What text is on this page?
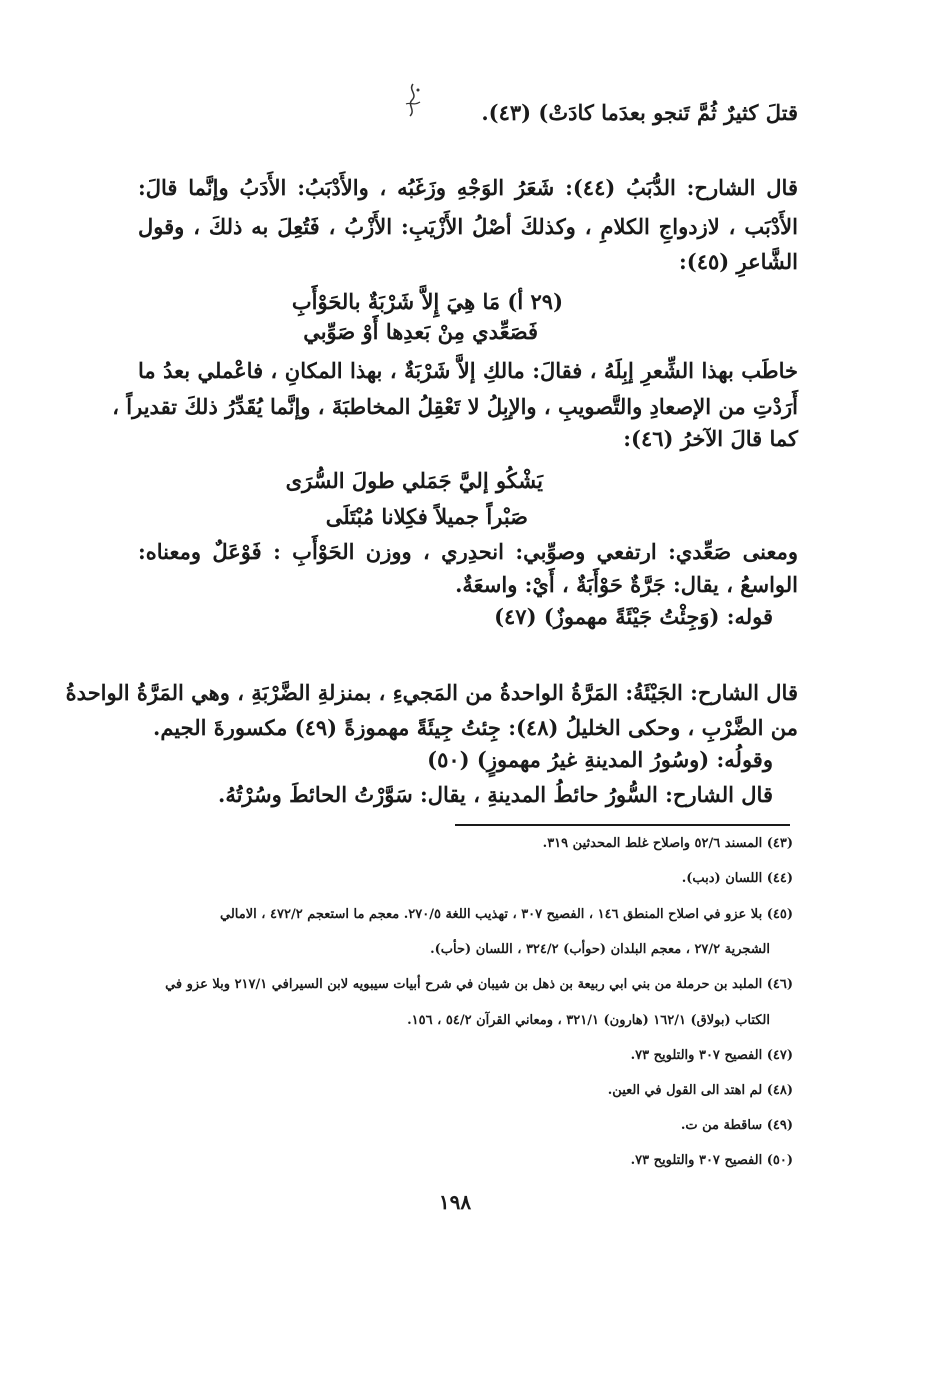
قتلَ كثيرٌ ثُمَّ تَنجو بعدَما كادَتْ) (٤٣).
قال الشارح: الدُّبَبُ (٤٤): شَعَرُ الوَجْهِ وزَغَبُه ، والأَدْبَبُ: الأَدَبُ وإنَّما قالَ:
الأَدْبَب ، لازدواجِ الكلامِ ، وكذلكَ أصْلُ الأَزْيَبِ: الأَزْبُ ، فَتُعِلَ به ذلكَ ، وقول
الشَّاعرِ (٤٥):
(٢٩ أ) مَا هِيَ إِلاَّ شَرْبَةٌ بالحَوْأَبِ
فَصَعِّدي مِنْ بَعدِها أَوْ صَوِّبي
خاطَب بهذا الشِّعرِ إبِلَهُ ، فقالَ: مالكِ إلاَّ شَرْبَةٌ ، بهذا المكانِ ، فاعْملي بعدُ ما
أَرَدْتِ من الإصعادِ والتَّصويبِ ، والإبِلُ لا تَعْقِلُ المخاطبَةَ ، وإنَّما يُقَدِّرُ ذلكَ تقديراً ،
كما قالَ الآخرُ (٤٦):
يَشْكُو إليَّ جَمَلي طولَ السُّرَى
صَبْراً جميلاً فكِلانا مُبْتَلَى
ومعنى صَعِّدي: ارتفعي وصوِّبي: انحدِري ، ووزن الحَوْأَبِ : فَوْعَلٌ ومعناه:
الواسعُ ، يقال: جَرَّةٌ حَوْأَبَةٌ ، أَيْ: واسعَةٌ.
قوله: (وَجِئْتُ جَيْئَةً مهموزٌ) (٤٧)
قال الشارح: الجَيْئَةُ: المَرَّةُ الواحدةُ من المَجيءِ ، بمنزلةِ الضَّرْبَةِ ، وهي المَرَّةُ الواحدةُ
من الضَّرْبِ ، وحكى الخليلُ (٤٨): جِئتُ جِيئَةً مهموزةً (٤٩) مكسورةَ الجيم.
وقولُه: (وسُورُ المدينةِ غيرُ مهموزٍ) (٥٠)
قال الشارح: السُّورُ حائطُ المدينةِ ، يقال: سَوَّرْتُ الحائطَ وسُرْتُهُ.
(٤٣) المسند ٥٢/٦ واصلاح غلط المحدثين ٣١٩.
(٤٤) اللسان (دبب).
(٤٥) بلا عزو في اصلاح المنطق ١٤٦ ، الفصيح ٣٠٧ ، تهذيب اللغة ٢٧٠/٥. معجم ما استعجم ٤٧٢/٢ ، الامالي
الشجرية ٢٧/٢ ، معجم البلدان (حوأب) ٣٢٤/٢ ، اللسان (حأب).
(٤٦) الملبد بن حرملة من بني ابي ربيعة بن ذهل بن شيبان في شرح أبيات سيبويه لابن السيرافي ٢١٧/١ وبلا عزو في
الكتاب (بولاق) ١٦٢/١ (هارون) ٣٢١/١ ، ومعاني القرآن ٥٤/٢ ، ١٥٦.
(٤٧) الفصيح ٣٠٧ والتلويح ٧٣.
(٤٨) لم اهتد الى القول في العين.
(٤٩) ساقطة من ت.
(٥٠) الفصيح ٣٠٧ والتلويح ٧٣.
١٩٨
